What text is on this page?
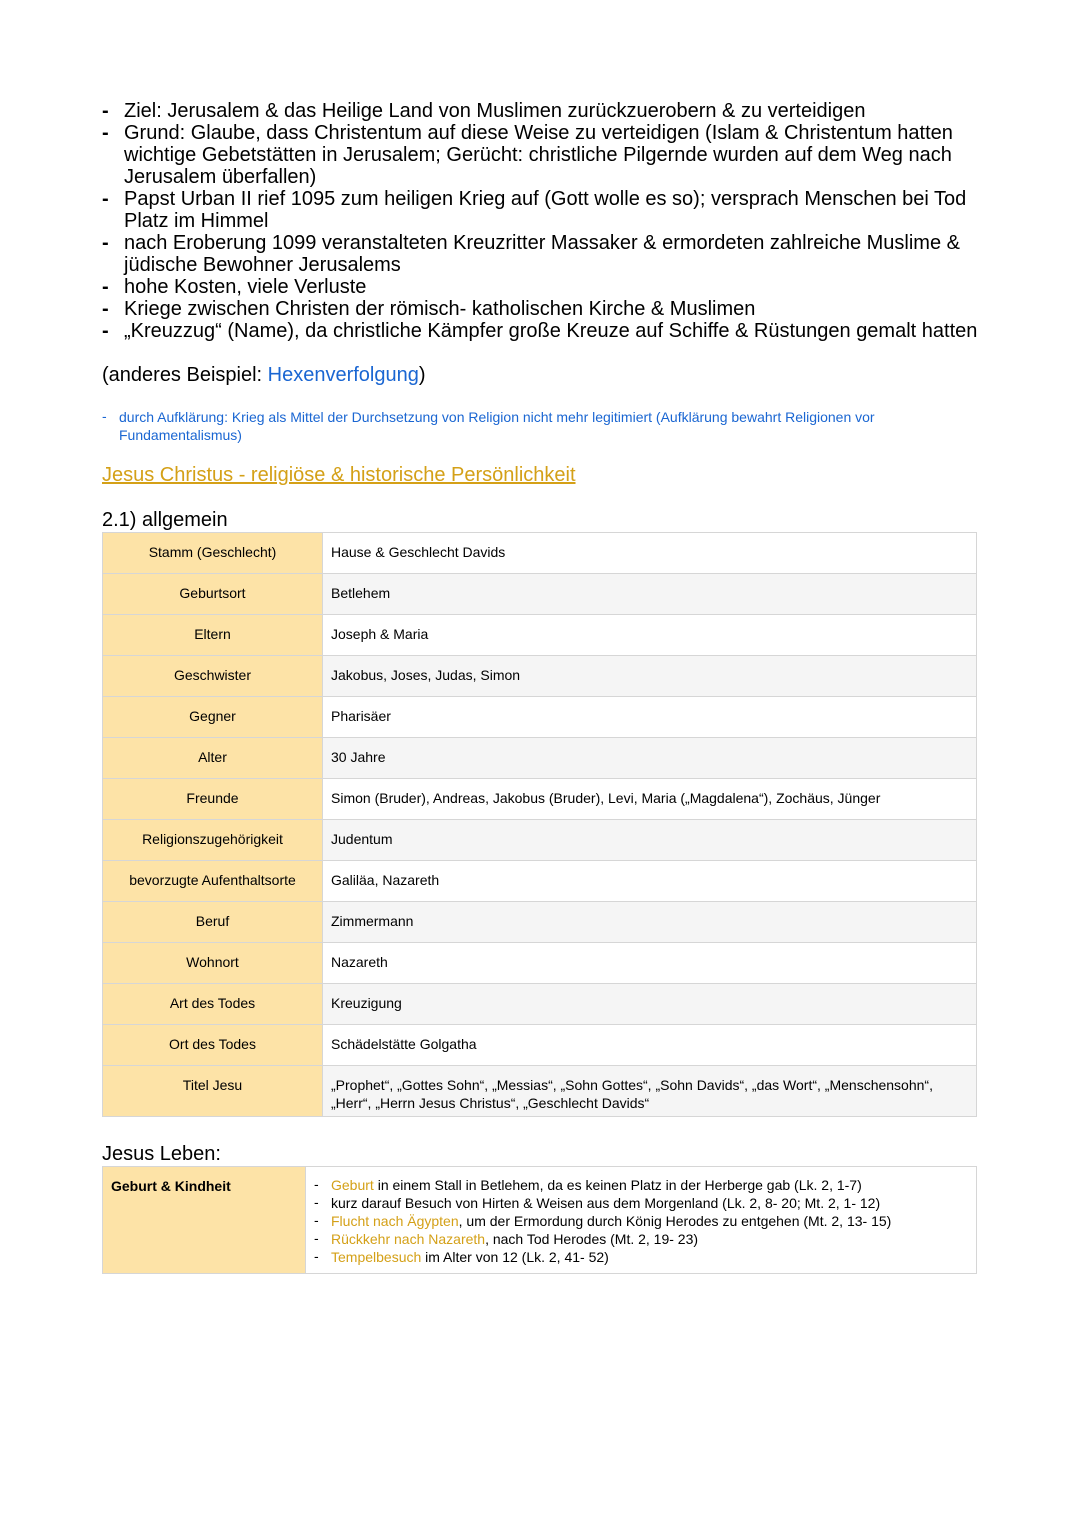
- Ziel: Jerusalem & das Heilige Land von Muslimen zurückzuerobern & zu verteidigen
- Grund: Glaube, dass Christentum auf diese Weise zu verteidigen (Islam & Christentum hatten wichtige Gebetstätten in Jerusalem; Gerücht: christliche Pilgernde wurden auf dem Weg nach Jerusalem überfallen)
- Papst Urban II rief 1095 zum heiligen Krieg auf (Gott wolle es so); versprach Menschen bei Tod Platz im Himmel
- nach Eroberung 1099 veranstalteten Kreuzritter Massaker & ermordeten zahlreiche Muslime & jüdische Bewohner Jerusalems
- hohe Kosten, viele Verluste
- Kriege zwischen Christen der römisch- katholischen Kirche & Muslimen
- „Kreuzzug“ (Name), da christliche Kämpfer große Kreuze auf Schiffe & Rüstungen gemalt hatten
(anderes Beispiel: Hexenverfolgung)
- durch Aufklärung: Krieg als Mittel der Durchsetzung von Religion nicht mehr legitimiert (Aufklärung bewahrt Religionen vor Fundamentalismus)
Jesus Christus - religiöse & historische Persönlichkeit
2.1) allgemein
Stamm (Geschlecht)	Hause & Geschlecht Davids
Geburtsort	Betlehem
Eltern	Joseph & Maria
Geschwister	Jakobus, Joses, Judas, Simon
Gegner	Pharisäer
Alter	30 Jahre
Freunde	Simon (Bruder), Andreas, Jakobus (Bruder), Levi, Maria („Magdalena“), Zochäus, Jünger
Religionszugehörigkeit	Judentum
bevorzugte Aufenthaltsorte	Galiläa, Nazareth
Beruf	Zimmermann
Wohnort	Nazareth
Art des Todes	Kreuzigung
Ort des Todes	Schädelstätte Golgatha
Titel Jesu	„Prophet“, „Gottes Sohn“, „Messias“, „Sohn Gottes“, „Sohn Davids“, „das Wort“, „Menschensohn“, „Herr“, „Herrn Jesus Christus“, „Geschlecht Davids“
Jesus Leben:
Geburt & Kindheit	- Geburt in einem Stall in Betlehem, da es keinen Platz in der Herberge gab (Lk. 2, 1-7)
- kurz darauf Besuch von Hirten & Weisen aus dem Morgenland (Lk. 2, 8- 20; Mt. 2, 1- 12)
- Flucht nach Ägypten, um der Ermordung durch König Herodes zu entgehen (Mt. 2, 13- 15)
- Rückkehr nach Nazareth, nach Tod Herodes (Mt. 2, 19- 23)
- Tempelbesuch im Alter von 12 (Lk. 2, 41- 52)
